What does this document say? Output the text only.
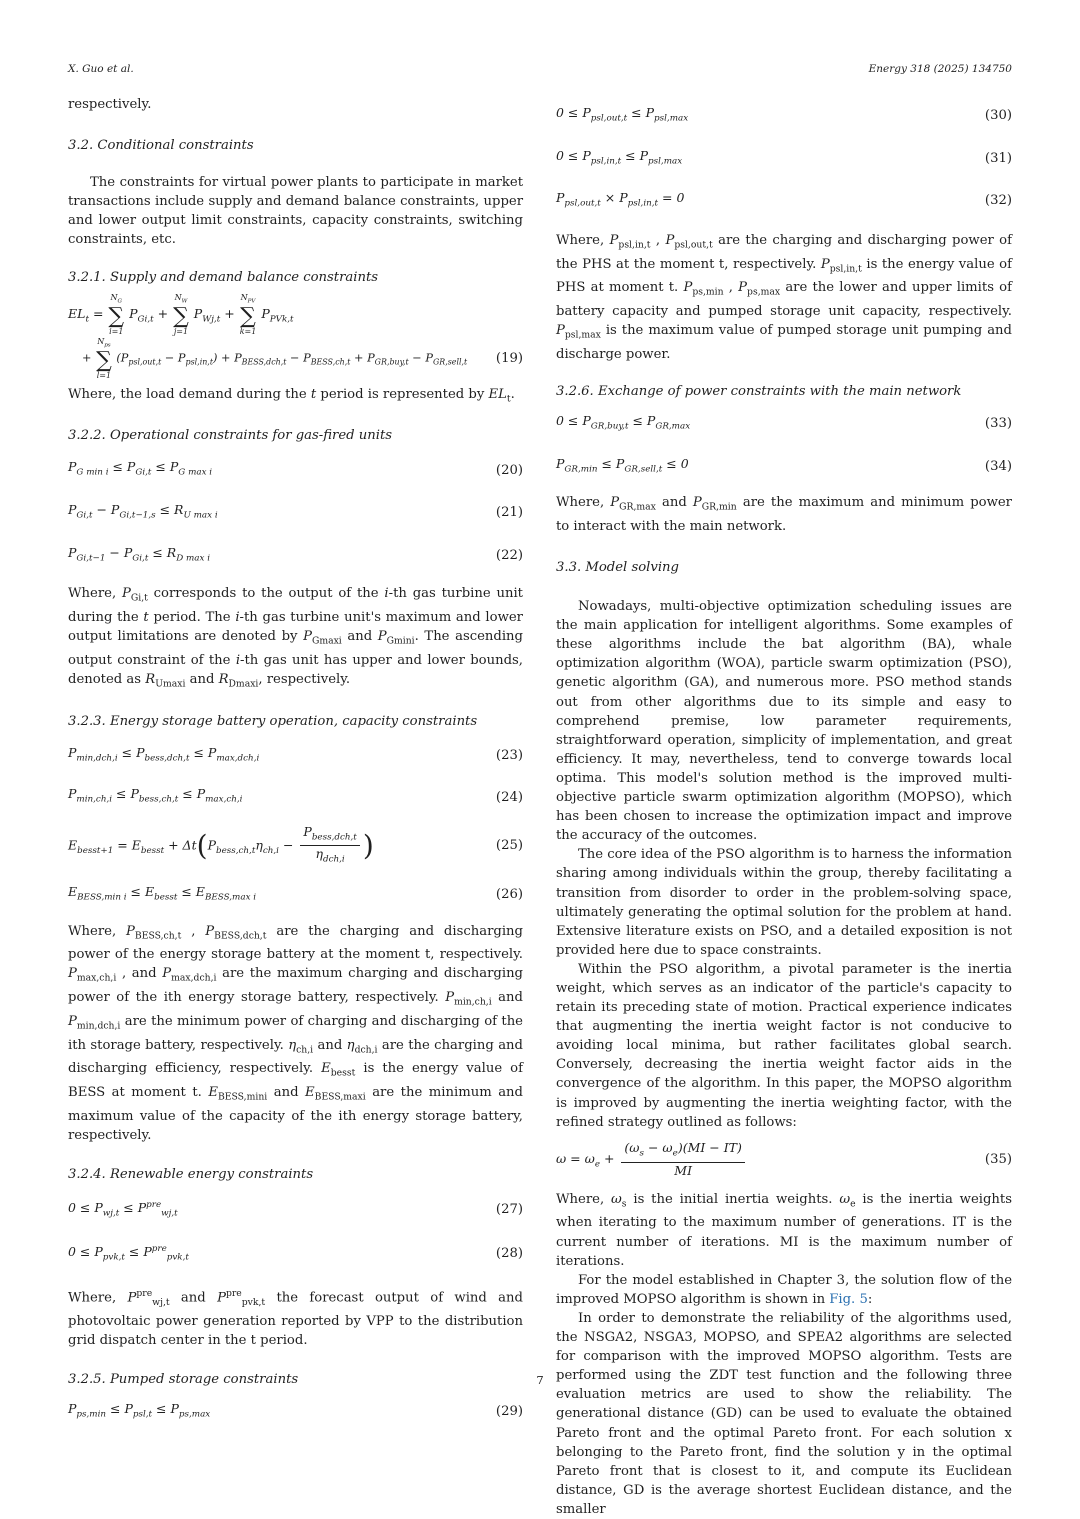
X. Guo et al.	Energy 318 (2025) 134750

respectively.

3.2. Conditional constraints

The constraints for virtual power plants to participate in market transactions include supply and demand balance constraints, upper and lower output limit constraints, capacity constraints, switching constraints, etc.

3.2.1. Supply and demand balance constraints

$EL_t$ =
$N_G$
∑
i=1
$P_{Gi,t}$ +
$N_W$
∑
j=1
$P_{Wj,t}$ +
$N_{PV}$
∑
k=1
$P_{PVk,t}$
+
$N_{ps}$
∑
l=1
$(P_{psl,out,t} - P_{psl,in,t}) + P_{BESS,dch,t} - P_{BESS,ch,t} + P_{GR,buy,t} - P_{GR,sell,t}$ (19)

Where, the load demand during the t period is represented by $EL_t$.

3.2.2. Operational constraints for gas-fired units

$P_{G min i} \le P_{Gi,t} \le P_{G max i}$	(20)
$P_{Gi,t} - P_{Gi,t-1,s} \le R_{U max i}$	(21)
$P_{Gi,t-1} - P_{Gi,t} \le R_{D max i}$	(22)

Where, $P_{Gi,t}$ corresponds to the output of the i-th gas turbine unit during the t period. The i-th gas turbine unit's maximum and lower output limitations are denoted by $P_{Gmaxi}$ and $P_{Gmini}$. The ascending output constraint of the i-th gas unit has upper and lower bounds, denoted as $R_{Umaxi}$ and $R_{Dmaxi}$, respectively.

3.2.3. Energy storage battery operation, capacity constraints

$P_{min,dch,i} \le P_{bess,dch,t} \le P_{max,dch,i}$	(23)
$P_{min,ch,i} \le P_{bess,ch,t} \le P_{max,ch,i}$	(24)
$E_{besst+1} = E_{besst} + \Delta t(P_{bess,ch,t}\eta_{ch,i} - \frac{P_{bess,dch,t}}{\eta_{dch,i}}$ )	(25)
$E_{BESS,min i} \le E_{besst} \le E_{BESS,max i}$	(26)

Where, $P_{BESS,ch,t}$ , $P_{BESS,dch,t}$ are the charging and discharging power of the energy storage battery at the moment t, respectively. $P_{max,ch,i}$ , and $P_{max,dch,i}$ are the maximum charging and discharging power of the ith energy storage battery, respectively. $P_{min,ch,i}$ and $P_{min,dch,i}$ are the minimum power of charging and discharging of the ith storage battery, respectively. $\eta_{ch,i}$ and $\eta_{dch,i}$ are the charging and discharging efficiency, respectively. $E_{besst}$ is the energy value of BESS at moment t. $E_{BESS,mini}$ and $E_{BESS,maxi}$ are the minimum and maximum value of the capacity of the ith energy storage battery, respectively.

3.2.4. Renewable energy constraints

$0 \le P_{wj,t} \le P^{pre}_{wj,t}$	(27)
$0 \le P_{pvk,t} \le P^{pre}_{pvk,t}$	(28)

Where, $P^{pre}_{wj,t}$ and $P^{pre}_{pvk,t}$ the forecast output of wind and photovoltaic power generation reported by VPP to the distribution grid dispatch center in the t period.

3.2.5. Pumped storage constraints

$P_{ps,min} \le P_{psl,t} \le P_{ps,max}$	(29)
$0 \le P_{psl,out,t} \le P_{psl,max}$	(30)
$0 \le P_{psl,in,t} \le P_{psl,max}$	(31)
$P_{psl,out,t} \times P_{psl,in,t} = 0$	(32)

Where, $P_{psl,in,t}$ , $P_{psl,out,t}$ are the charging and discharging power of the PHS at the moment t, respectively. $P_{psl,in,t}$ is the energy value of PHS at moment t. $P_{ps,min}$ , $P_{ps,max}$ are the lower and upper limits of battery capacity and pumped storage unit capacity, respectively. $P_{psl,max}$ is the maximum value of pumped storage unit pumping and discharge power.

3.2.6. Exchange of power constraints with the main network

$0 \le P_{GR,buy,t} \le P_{GR,max}$	(33)
$P_{GR,min} \le P_{GR,sell,t} \le 0$	(34)

Where, $P_{GR,max}$ and $P_{GR,min}$ are the maximum and minimum power to interact with the main network.

3.3. Model solving

Nowadays, multi-objective optimization scheduling issues are the main application for intelligent algorithms. Some examples of these algorithms include the bat algorithm (BA), whale optimization algorithm (WOA), particle swarm optimization (PSO), genetic algorithm (GA), and numerous more. PSO method stands out from other algorithms due to its simple and easy to comprehend premise, low parameter requirements, straightforward operation, simplicity of implementation, and great efficiency. It may, nevertheless, tend to converge towards local optima. This model's solution method is the improved multi-objective particle swarm optimization algorithm (MOPSO), which has been chosen to increase the optimization impact and improve the accuracy of the outcomes.

The core idea of the PSO algorithm is to harness the information sharing among individuals within the group, thereby facilitating a transition from disorder to order in the problem-solving space, ultimately generating the optimal solution for the problem at hand. Extensive literature exists on PSO, and a detailed exposition is not provided here due to space constraints.

Within the PSO algorithm, a pivotal parameter is the inertia weight, which serves as an indicator of the particle's capacity to retain its preceding state of motion. Practical experience indicates that augmenting the inertia weight factor is not conducive to avoiding local minima, but rather facilitates global search. Conversely, decreasing the inertia weight factor aids in the convergence of the algorithm. In this paper, the MOPSO algorithm is improved by augmenting the inertia weighting factor, with the refined strategy outlined as follows:

$\omega = \omega_e + \frac{(\omega_s - \omega_e)(MI - IT)}{MI}$	(35)

Where, $\omega_s$ is the initial inertia weights. $\omega_e$ is the inertia weights when iterating to the maximum number of generations. IT is the current number of iterations. MI is the maximum number of iterations.

For the model established in Chapter 3, the solution flow of the improved MOPSO algorithm is shown in Fig. 5:

In order to demonstrate the reliability of the algorithms used, the NSGA2, NSGA3, MOPSO, and SPEA2 algorithms are selected for comparison with the improved MOPSO algorithm. Tests are performed using the ZDT test function and the following three evaluation metrics are used to show the reliability. The generational distance (GD) can be used to evaluate the obtained Pareto front and the optimal Pareto front. For each solution x belonging to the Pareto front, find the solution y in the optimal Pareto front that is closest to it, and compute its Euclidean distance, GD is the average shortest Euclidean distance, and the smaller

7
